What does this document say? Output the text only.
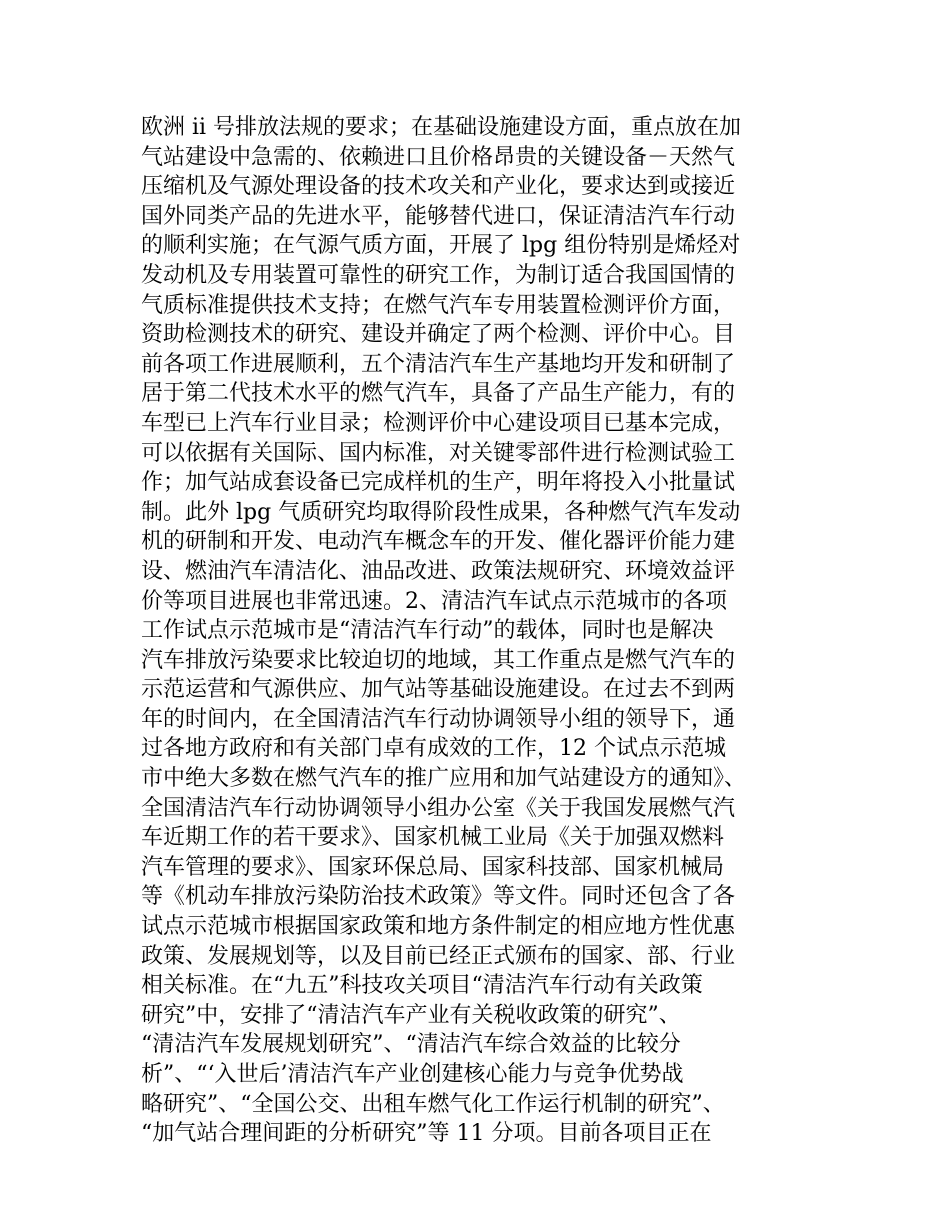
欧洲 ii 号排放法规的要求；在基础设施建设方面，重点放在加
气站建设中急需的、依赖进口且价格昂贵的关键设备－天然气
压缩机及气源处理设备的技术攻关和产业化，要求达到或接近
国外同类产品的先进水平，能够替代进口，保证清洁汽车行动
的顺利实施；在气源气质方面，开展了 lpg 组份特别是烯烃对
发动机及专用装置可靠性的研究工作，为制订适合我国国情的
气质标准提供技术支持；在燃气汽车专用装置检测评价方面，
资助检测技术的研究、建设并确定了两个检测、评价中心。目
前各项工作进展顺利，五个清洁汽车生产基地均开发和研制了
居于第二代技术水平的燃气汽车，具备了产品生产能力，有的
车型已上汽车行业目录；检测评价中心建设项目已基本完成，
可以依据有关国际、国内标准，对关键零部件进行检测试验工
作；加气站成套设备已完成样机的生产，明年将投入小批量试
制。此外 lpg 气质研究均取得阶段性成果，各种燃气汽车发动
机的研制和开发、电动汽车概念车的开发、催化器评价能力建
设、燃油汽车清洁化、油品改进、政策法规研究、环境效益评
价等项目进展也非常迅速。2、清洁汽车试点示范城市的各项
工作试点示范城市是“清洁汽车行动”的载体，同时也是解决
汽车排放污染要求比较迫切的地域，其工作重点是燃气汽车的
示范运营和气源供应、加气站等基础设施建设。在过去不到两
年的时间内，在全国清洁汽车行动协调领导小组的领导下，通
过各地方政府和有关部门卓有成效的工作，12 个试点示范城
市中绝大多数在燃气汽车的推广应用和加气站建设方的通知》、
全国清洁汽车行动协调领导小组办公室《关于我国发展燃气汽
车近期工作的若干要求》、国家机械工业局《关于加强双燃料
汽车管理的要求》、国家环保总局、国家科技部、国家机械局
等《机动车排放污染防治技术政策》等文件。同时还包含了各
试点示范城市根据国家政策和地方条件制定的相应地方性优惠
政策、发展规划等，以及目前已经正式颁布的国家、部、行业
相关标准。在“九五”科技攻关项目“清洁汽车行动有关政策
研究”中，安排了“清洁汽车产业有关税收政策的研究”、
“清洁汽车发展规划研究”、“清洁汽车综合效益的比较分
析”、“‘入世后’清洁汽车产业创建核心能力与竞争优势战
略研究”、“全国公交、出租车燃气化工作运行机制的研究”、
“加气站合理间距的分析研究”等 11 分项。目前各项目正在
